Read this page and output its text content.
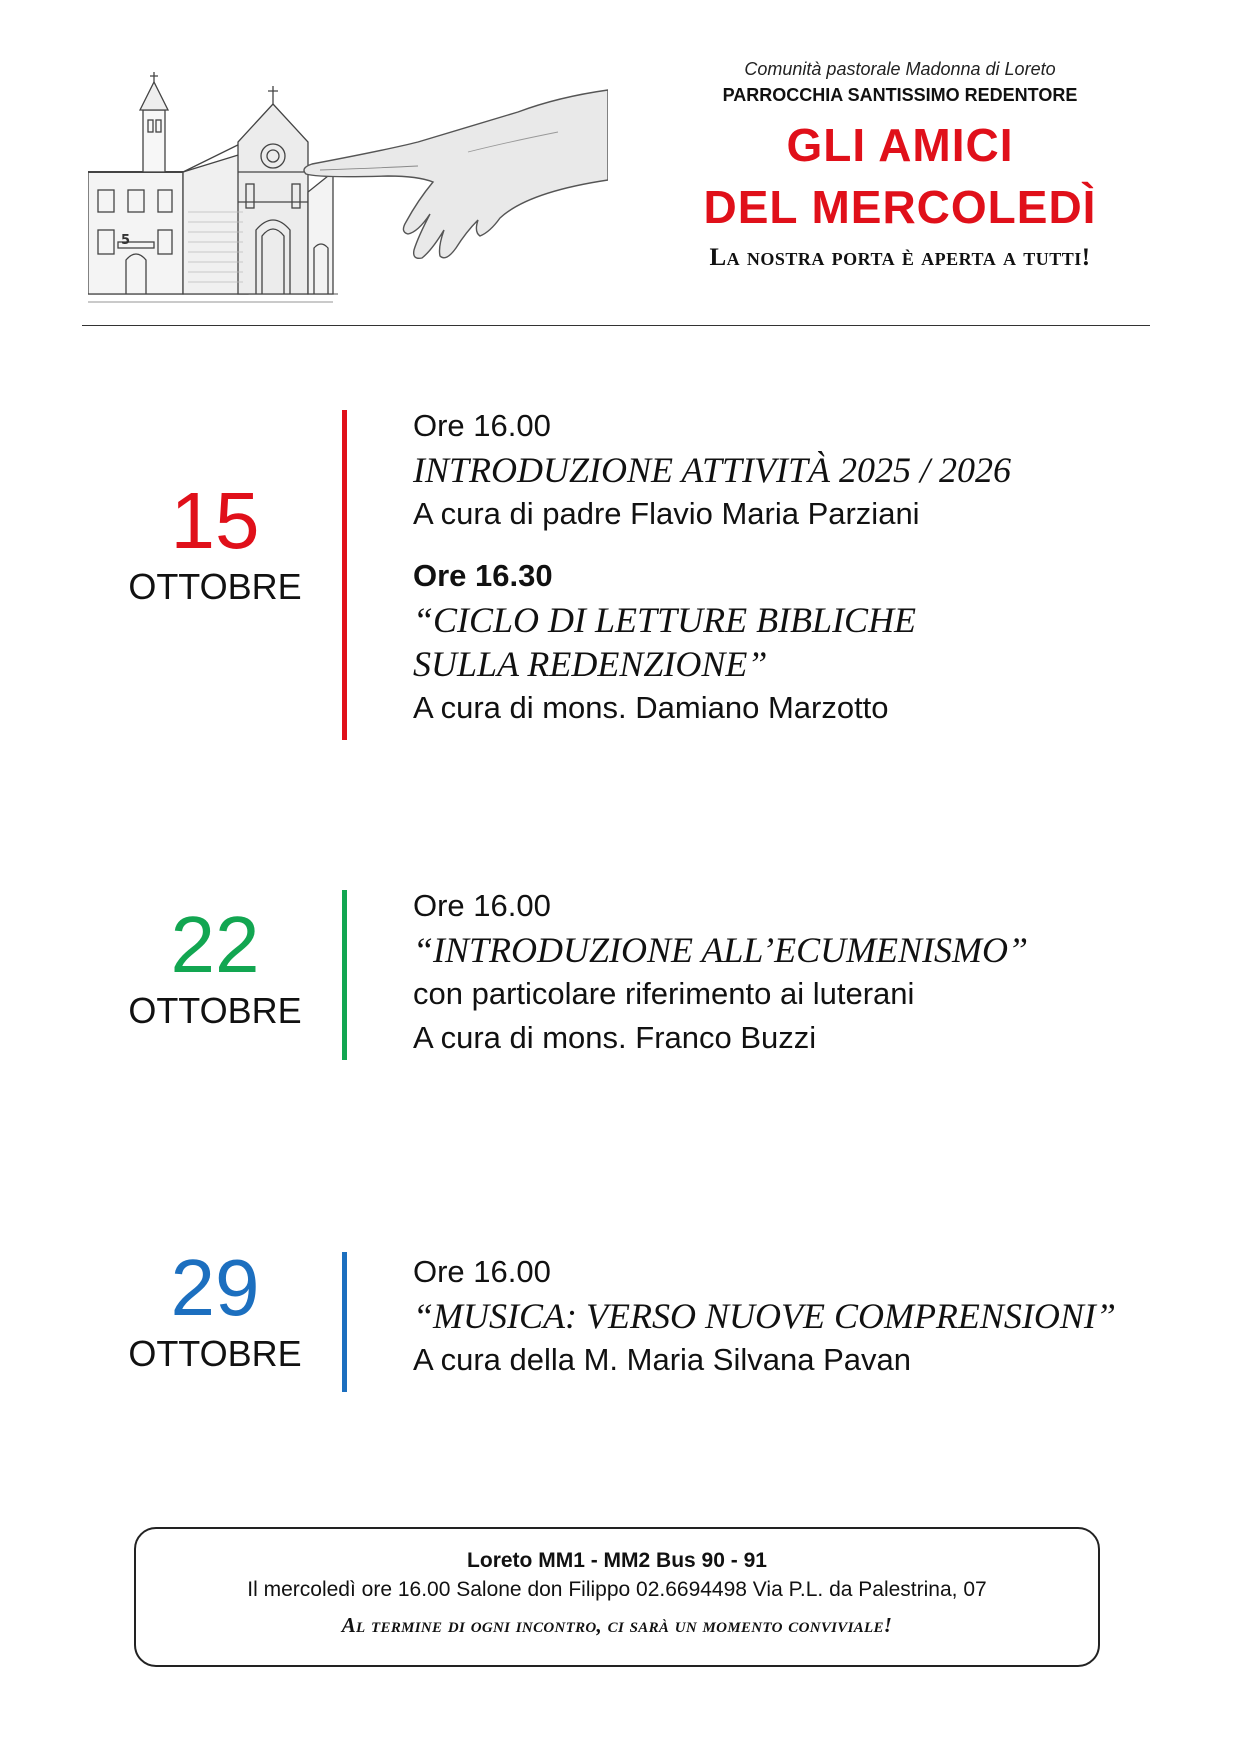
5
Comunità pastorale Madonna di Loreto
PARROCCHIA SANTISSIMO REDENTORE
GLI AMICI
DEL MERCOLEDÌ
La nostra porta è aperta a tutti!
15
OTTOBRE
Ore 16.00
INTRODUZIONE ATTIVITÀ 2025 / 2026
A cura di padre Flavio Maria Parziani
Ore 16.30
“CICLO DI LETTURE BIBLICHE
SULLA REDENZIONE”
A cura di mons. Damiano Marzotto
22
OTTOBRE
Ore 16.00
“INTRODUZIONE ALL’ECUMENISMO”
con particolare riferimento ai luterani
A cura di mons. Franco Buzzi
29
OTTOBRE
Ore 16.00
“MUSICA: VERSO NUOVE COMPRENSIONI”
A cura della M. Maria Silvana Pavan
Loreto MM1 - MM2 Bus 90 - 91
Il mercoledì ore 16.00 Salone don Filippo 02.6694498 Via P.L. da Palestrina, 07
Al termine di ogni incontro, ci sarà un momento conviviale!
